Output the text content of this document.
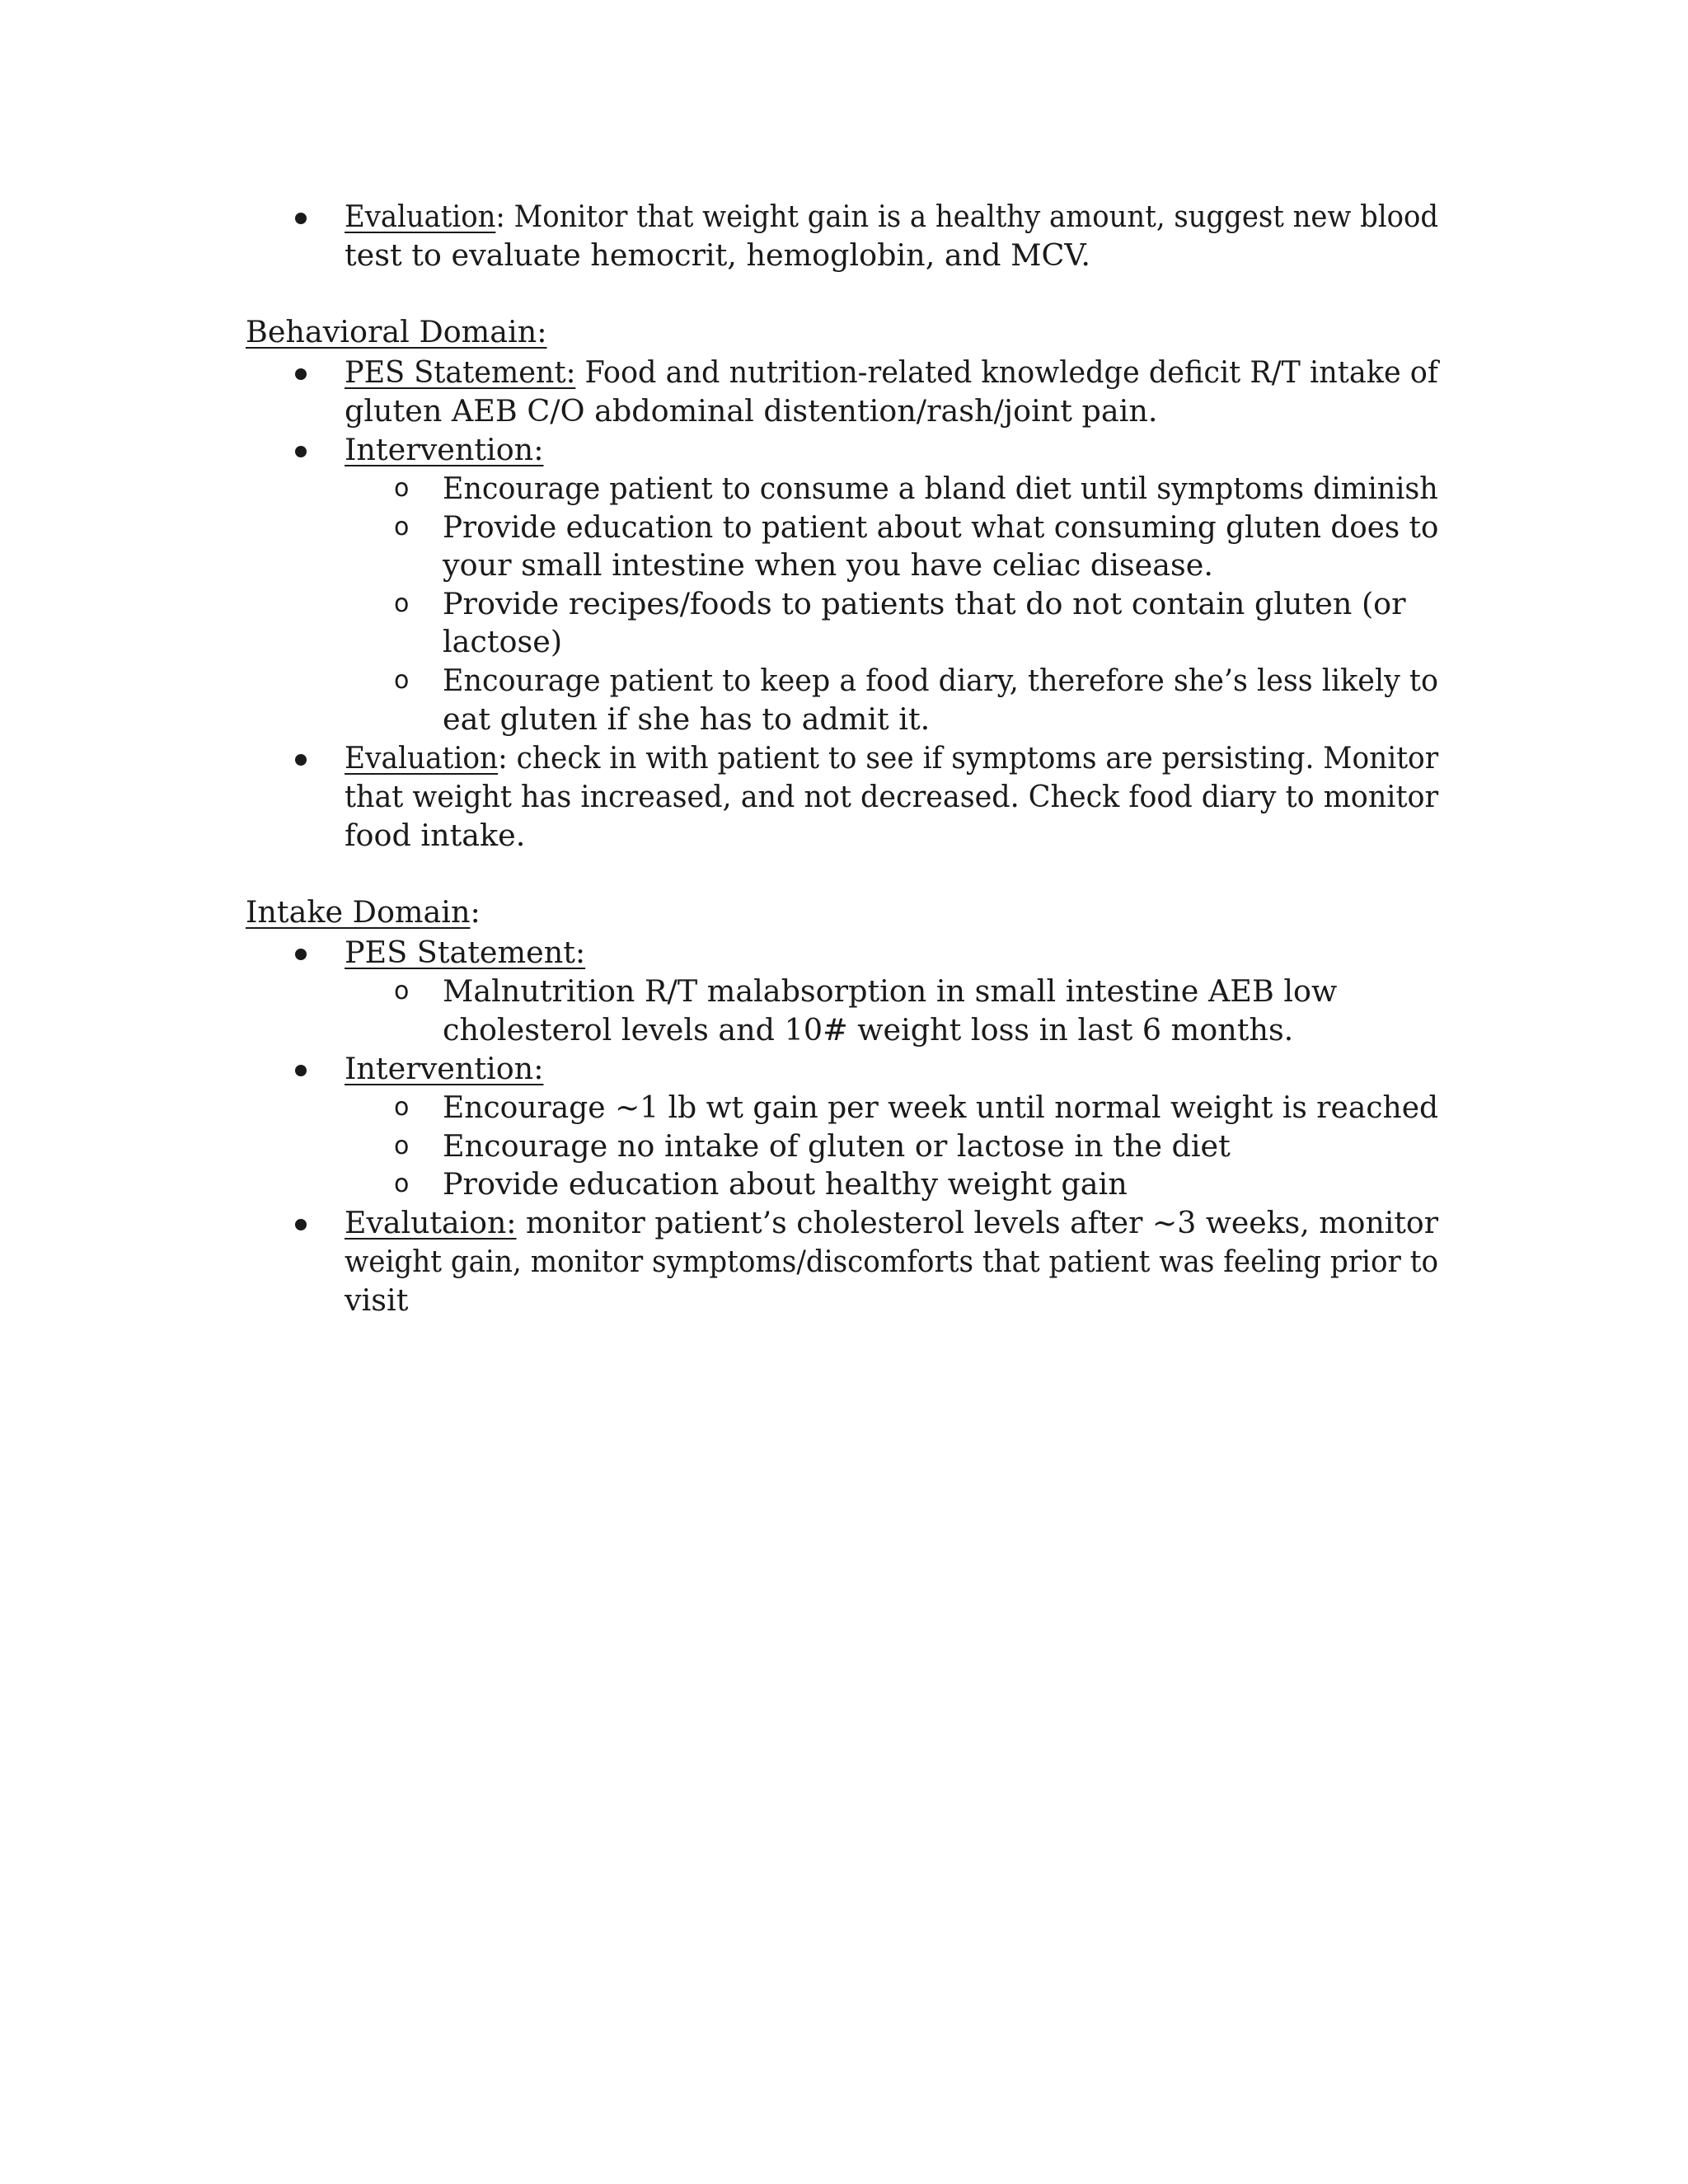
Evaluation: Monitor that weight gain is a healthy amount, suggest new blood
test to evaluate hemocrit, hemoglobin, and MCV.
Behavioral Domain:
PES Statement: Food and nutrition-related knowledge deficit R/T intake of
gluten AEB C/O abdominal distention/rash/joint pain.
Intervention:
o Encourage patient to consume a bland diet until symptoms diminish
o Provide education to patient about what consuming gluten does to
your small intestine when you have celiac disease.
o Provide recipes/foods to patients that do not contain gluten (or
lactose)
o Encourage patient to keep a food diary, therefore she’s less likely to
eat gluten if she has to admit it.
Evaluation: check in with patient to see if symptoms are persisting. Monitor
that weight has increased, and not decreased. Check food diary to monitor
food intake.
Intake Domain:
PES Statement:
o Malnutrition R/T malabsorption in small intestine AEB low
cholesterol levels and 10# weight loss in last 6 months.
Intervention:
o Encourage ~1 lb wt gain per week until normal weight is reached
o Encourage no intake of gluten or lactose in the diet
o Provide education about healthy weight gain
Evalutaion: monitor patient’s cholesterol levels after ~3 weeks, monitor
weight gain, monitor symptoms/discomforts that patient was feeling prior to
visit
